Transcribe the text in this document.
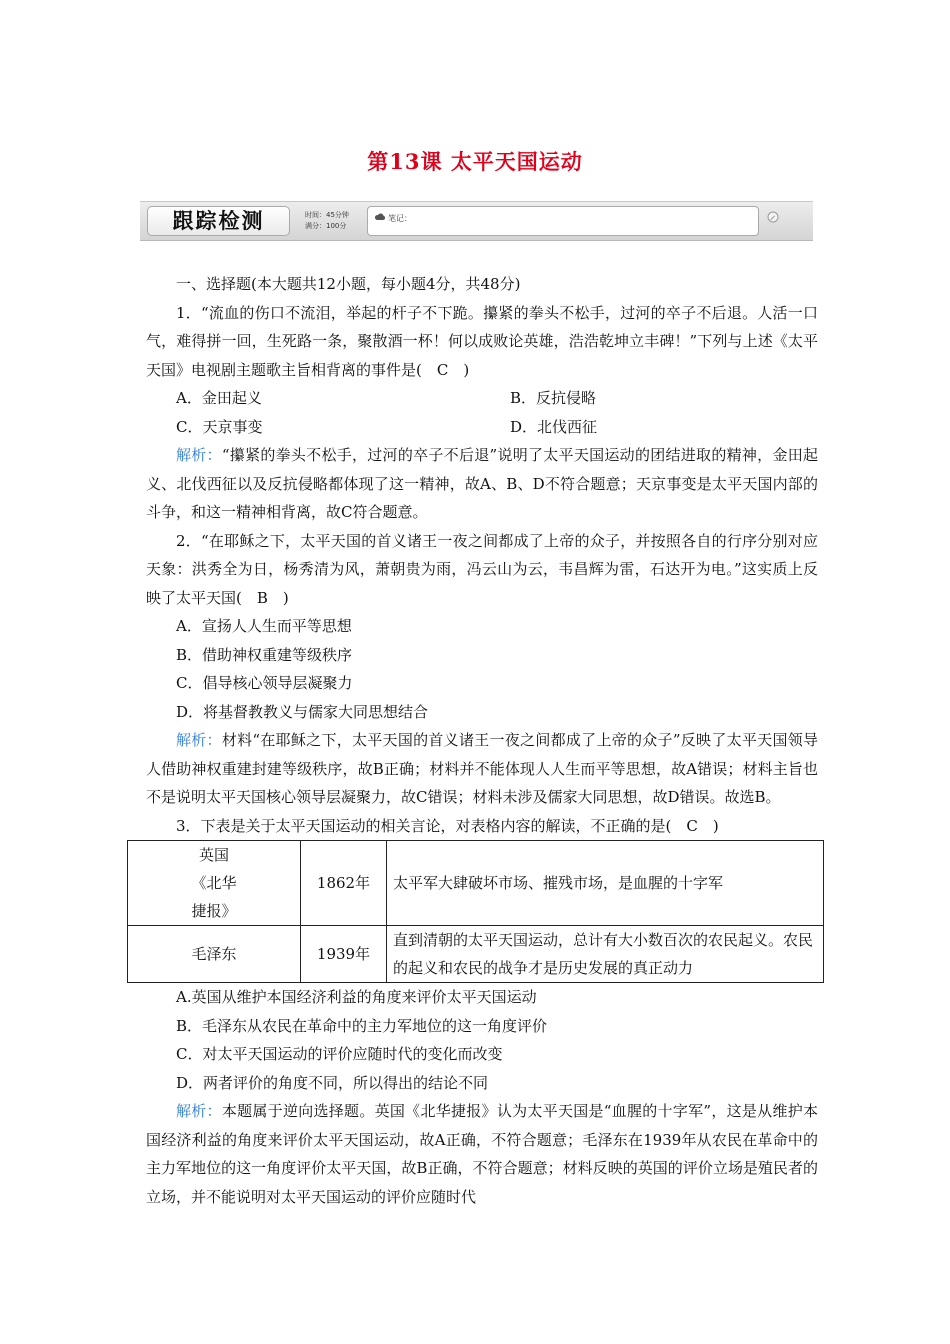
第13课 太平天国运动
跟踪检测	时间：45分钟
满分：100分
笔记：

一、选择题(本大题共12小题，每小题4分，共48分)

1．“流血的伤口不流泪，举起的杆子不下跪。攥紧的拳头不松手，过河的卒子不后退。人活一口气，难得拼一回，生死路一条，聚散酒一杯！何以成败论英雄，浩浩乾坤立丰碑！”下列与上述《太平天国》电视剧主题歌主旨相背离的事件是(　C　)

A．金田起义	B．反抗侵略
C．天京事变	D．北伐西征

解析：“攥紧的拳头不松手，过河的卒子不后退”说明了太平天国运动的团结进取的精神，金田起义、北伐西征以及反抗侵略都体现了这一精神，故A、B、D不符合题意；天京事变是太平天国内部的斗争，和这一精神相背离，故C符合题意。

2．“在耶稣之下，太平天国的首义诸王一夜之间都成了上帝的众子，并按照各自的行序分别对应天象：洪秀全为日，杨秀清为风，萧朝贵为雨，冯云山为云，韦昌辉为雷，石达开为电。”这实质上反映了太平天国(　B　)

A．宣扬人人生而平等思想

B．借助神权重建等级秩序

C．倡导核心领导层凝聚力

D．将基督教教义与儒家大同思想结合

解析：材料“在耶稣之下，太平天国的首义诸王一夜之间都成了上帝的众子”反映了太平天国领导人借助神权重建封建等级秩序，故B正确；材料并不能体现人人生而平等思想，故A错误；材料主旨也不是说明太平天国核心领导层凝聚力，故C错误；材料未涉及儒家大同思想，故D错误。故选B。

3．下表是关于太平天国运动的相关言论，对表格内容的解读，不正确的是(　C　)

英国
《北华
捷报》	1862年	太平军大肆破坏市场、摧残市场，是血腥的十字军

毛泽东	1939年	直到清朝的太平天国运动，总计有大小数百次的农民起义。农民的起义和农民的战争才是历史发展的真正动力

A.英国从维护本国经济利益的角度来评价太平天国运动

B．毛泽东从农民在革命中的主力军地位的这一角度评价

C．对太平天国运动的评价应随时代的变化而改变

D．两者评价的角度不同，所以得出的结论不同

解析：本题属于逆向选择题。英国《北华捷报》认为太平天国是“血腥的十字军”，这是从维护本国经济利益的角度来评价太平天国运动，故A正确，不符合题意；毛泽东在1939年从农民在革命中的主力军地位的这一角度评价太平天国，故B正确，不符合题意；材料反映的英国的评价立场是殖民者的立场，并不能说明对太平天国运动的评价应随时代
